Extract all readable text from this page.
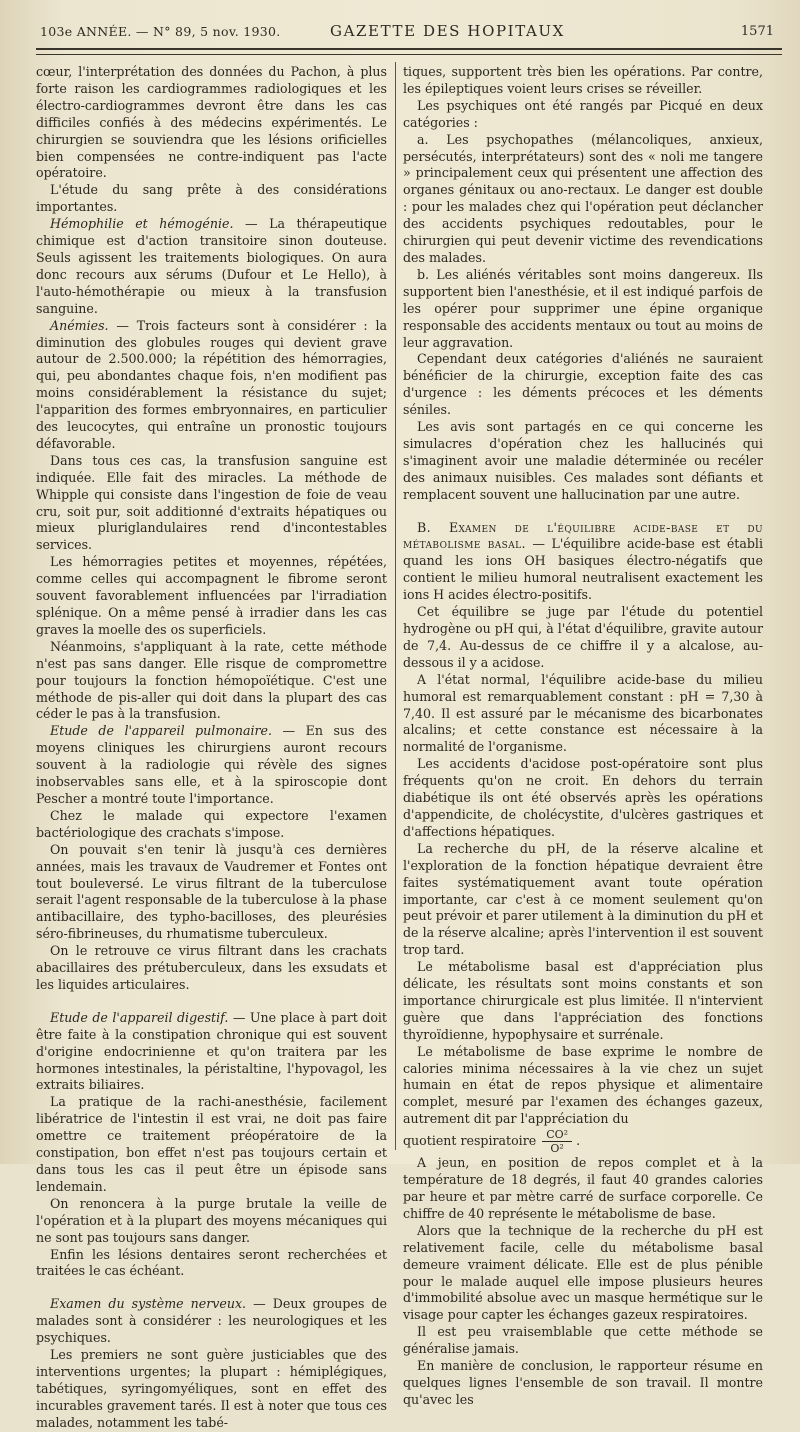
103e ANNÉE. — N° 89, 5 nov. 1930.	GAZETTE DES HOPITAUX	1571

cœur, l'interprétation des données du Pachon, à plus forte raison les cardiogrammes radiologiques et les électro-cardiogrammes devront être dans les cas difficiles confiés à des médecins expérimentés. Le chirurgien se souviendra que les lésions orificielles bien compensées ne contre-indiquent pas l'acte opératoire.

L'étude du sang prête à des considérations importantes.

Hémophilie et hémogénie. — La thérapeutique chimique est d'action transitoire sinon douteuse. Seuls agissent les traitements biologiques. On aura donc recours aux sérums (Dufour et Le Hello), à l'auto-hémothérapie ou mieux à la transfusion sanguine.

Anémies. — Trois facteurs sont à considérer : la diminution des globules rouges qui devient grave autour de 2.500.000; la répétition des hémorragies, qui, peu abondantes chaque fois, n'en modifient pas moins considérablement la résistance du sujet; l'apparition des formes embryonnaires, en particulier des leucocytes, qui entraîne un pronostic toujours défavorable.

Dans tous ces cas, la transfusion sanguine est indiquée. Elle fait des miracles. La méthode de Whipple qui consiste dans l'ingestion de foie de veau cru, soit pur, soit additionné d'extraits hépatiques ou mieux pluriglandulaires rend d'incontestables services.

Les hémorragies petites et moyennes, répétées, comme celles qui accompagnent le fibrome seront souvent favorablement influencées par l'irradiation splénique. On a même pensé à irradier dans les cas graves la moelle des os superficiels.

Néanmoins, s'appliquant à la rate, cette méthode n'est pas sans danger. Elle risque de compromettre pour toujours la fonction hémopoïétique. C'est une méthode de pis-aller qui doit dans la plupart des cas céder le pas à la transfusion.

Etude de l'appareil pulmonaire. — En sus des moyens cliniques les chirurgiens auront recours souvent à la radiologie qui révèle des signes inobservables sans elle, et à la spiroscopie dont Pescher a montré toute l'importance.

Chez le malade qui expectore l'examen bactériologique des crachats s'impose.

On pouvait s'en tenir là jusqu'à ces dernières années, mais les travaux de Vaudremer et Fontes ont tout bouleversé. Le virus filtrant de la tuberculose serait l'agent responsable de la tuberculose à la phase antibacillaire, des typho-bacilloses, des pleurésies séro-fibrineuses, du rhumatisme tuberculeux.

On le retrouve ce virus filtrant dans les crachats abacillaires des prétuberculeux, dans les exsudats et les liquides articulaires.

Etude de l'appareil digestif. — Une place à part doit être faite à la constipation chronique qui est souvent d'origine endocrinienne et qu'on traitera par les hormones intestinales, la péristaltine, l'hypovagol, les extraits biliaires.

La pratique de la rachi-anesthésie, facilement libératrice de l'intestin il est vrai, ne doit pas faire omettre ce traitement préopératoire de la constipation, bon effet n'est pas toujours certain et dans tous les cas il peut être un épisode sans lendemain.

On renoncera à la purge brutale la veille de l'opération et à la plupart des moyens mécaniques qui ne sont pas toujours sans danger.

Enfin les lésions dentaires seront recherchées et traitées le cas échéant.

Examen du système nerveux. — Deux groupes de malades sont à considérer : les neurologiques et les psychiques.

Les premiers ne sont guère justiciables que des interventions urgentes; la plupart : hémiplégiques, tabétiques, syringomyéliques, sont en effet des incurables gravement tarés. Il est à noter que tous ces malades, notamment les tabé-

tiques, supportent très bien les opérations. Par contre, les épileptiques voient leurs crises se réveiller.

Les psychiques ont été rangés par Picqué en deux catégories :

a. Les psychopathes (mélancoliques, anxieux, persécutés, interprétateurs) sont des « noli me tangere » principalement ceux qui présentent une affection des organes génitaux ou ano-rectaux. Le danger est double : pour les malades chez qui l'opération peut déclancher des accidents psychiques redoutables, pour le chirurgien qui peut devenir victime des revendications des malades.

b. Les aliénés véritables sont moins dangereux. Ils supportent bien l'anesthésie, et il est indiqué parfois de les opérer pour supprimer une épine organique responsable des accidents mentaux ou tout au moins de leur aggravation.

Cependant deux catégories d'aliénés ne sauraient bénéficier de la chirurgie, exception faite des cas d'urgence : les déments précoces et les déments séniles.

Les avis sont partagés en ce qui concerne les simulacres d'opération chez les hallucinés qui s'imaginent avoir une maladie déterminée ou recéler des animaux nuisibles. Ces malades sont défiants et remplacent souvent une hallucination par une autre.

B. Examen de l'équilibre acide-base et du métabolisme basal. — L'équilibre acide-base est établi quand les ions OH basiques électro-négatifs que contient le milieu humoral neutralisent exactement les ions H acides électro-positifs.

Cet équilibre se juge par l'étude du potentiel hydrogène ou pH qui, à l'état d'équilibre, gravite autour de 7,4. Au-dessus de ce chiffre il y a alcalose, au-dessous il y a acidose.

A l'état normal, l'équilibre acide-base du milieu humoral est remarquablement constant : pH = 7,30 à 7,40. Il est assuré par le mécanisme des bicarbonates alcalins; et cette constance est nécessaire à la normalité de l'organisme.

Les accidents d'acidose post-opératoire sont plus fréquents qu'on ne croit. En dehors du terrain diabétique ils ont été observés après les opérations d'appendicite, de cholécystite, d'ulcères gastriques et d'affections hépatiques.

La recherche du pH, de la réserve alcaline et l'exploration de la fonction hépatique devraient être faites systématiquement avant toute opération importante, car c'est à ce moment seulement qu'on peut prévoir et parer utilement à la diminution du pH et de la réserve alcaline; après l'intervention il est souvent trop tard.

Le métabolisme basal est d'appréciation plus délicate, les résultats sont moins constants et son importance chirurgicale est plus limitée. Il n'intervient guère que dans l'appréciation des fonctions thyroïdienne, hypophysaire et surrénale.

Le métabolisme de base exprime le nombre de calories minima nécessaires à la vie chez un sujet humain en état de repos physique et alimentaire complet, mesuré par l'examen des échanges gazeux, autrement dit par l'appréciation du

quotient respiratoire $\frac{\text{CO²}}{\text{O²}}$ .

A jeun, en position de repos complet et à la température de 18 degrés, il faut 40 grandes calories par heure et par mètre carré de surface corporelle. Ce chiffre de 40 représente le métabolisme de base.

Alors que la technique de la recherche du pH est relativement facile, celle du métabolisme basal demeure vraiment délicate. Elle est de plus pénible pour le malade auquel elle impose plusieurs heures d'immobilité absolue avec un masque hermétique sur le visage pour capter les échanges gazeux respiratoires.

Il est peu vraisemblable que cette méthode se généralise jamais.

En manière de conclusion, le rapporteur résume en quelques lignes l'ensemble de son travail. Il montre qu'avec les
